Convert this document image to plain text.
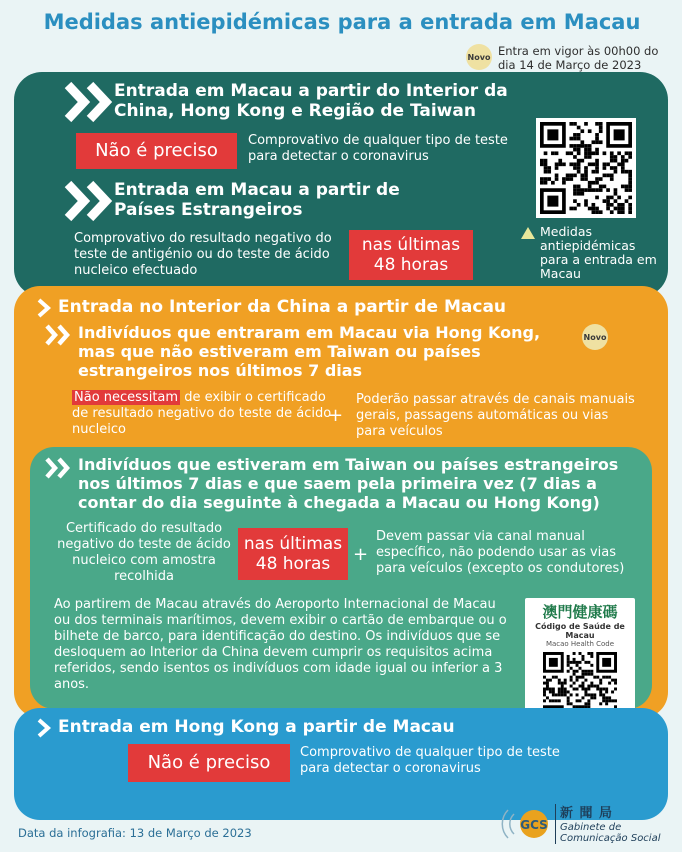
Medidas antiepidémicas para a entrada em Macau
Novo Entra em vigor às 00h00 do dia 14 de Março de 2023
Entrada em Macau a partir do Interior da China, Hong Kong e Região de Taiwan
Não é preciso	Comprovativo de qualquer tipo de teste para detectar o coronavirus
Entrada em Macau a partir de Países Estrangeiros
Comprovativo do resultado negativo do teste de antigénio ou do teste de ácido nucleico efectuado
nas últimas 48 horas
Medidas antiepidémicas para a entrada em Macau
Entrada no Interior da China a partir de Macau
Indivíduos que entraram em Macau via Hong Kong, mas que não estiveram em Taiwan ou países estrangeiros nos últimos 7 dias
Novo
Não necessitam de exibir o certificado de resultado negativo do teste de ácido nucleico
+
Poderão passar através de canais manuais gerais, passagens automáticas ou vias para veículos
Indivíduos que estiveram em Taiwan ou países estrangeiros nos últimos 7 dias e que saem pela primeira vez (7 dias a contar do dia seguinte à chegada a Macau ou Hong Kong)
Certificado do resultado negativo do teste de ácido nucleico com amostra recolhida
nas últimas 48 horas	+
Devem passar via canal manual específico, não podendo usar as vias para veículos (excepto os condutores)
Ao partirem de Macau através do Aeroporto Internacional de Macau ou dos terminais marítimos, devem exibir o cartão de embarque ou o bilhete de barco, para identificação do destino. Os indivíduos que se desloquem ao Interior da China devem cumprir os requisitos acima referidos, sendo isentos os indivíduos com idade igual ou inferior a 3 anos.
澳門健康碼
Código de Saúde de Macau
Macao Health Code
Entrada em Hong Kong a partir de Macau
Não é preciso	Comprovativo de qualquer tipo de teste para detectar o coronavirus
Data da infografia: 13 de Março de 2023
GCS
新 聞 局
Gabinete de
Comunicação Social
